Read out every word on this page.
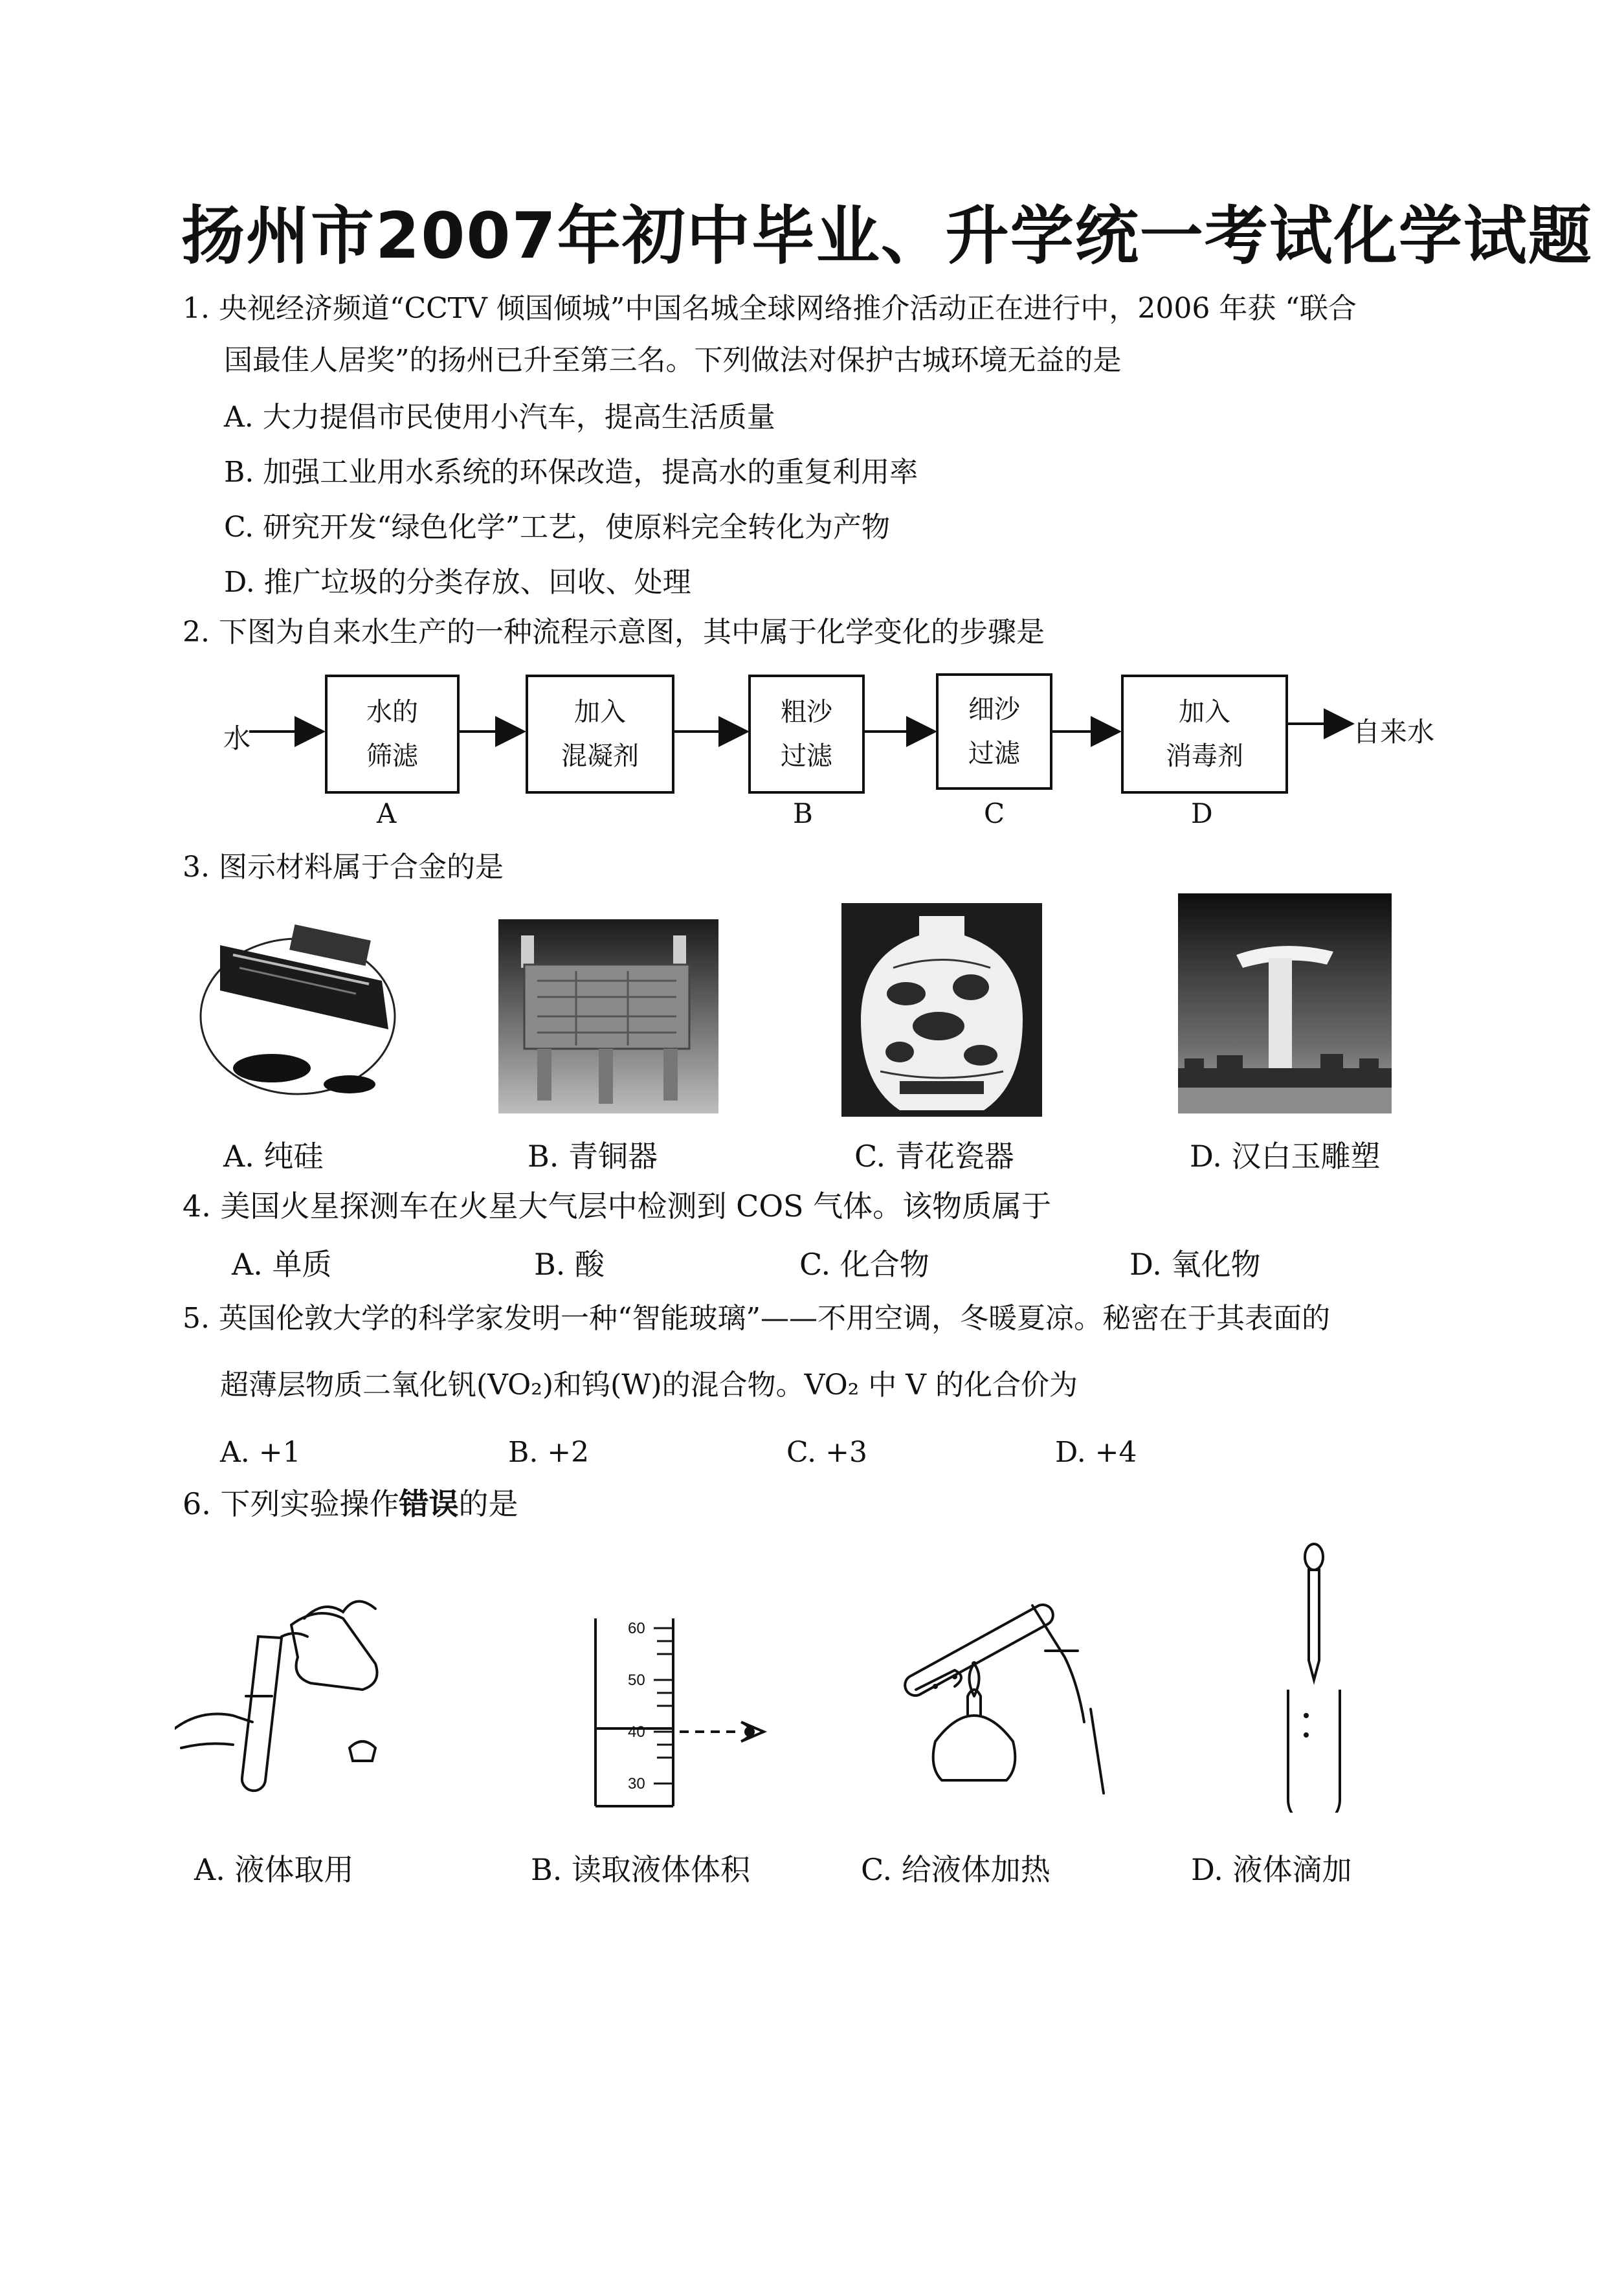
扬州市2007年初中毕业、升学统一考试化学试题
1. 央视经济频道“CCTV 倾国倾城”中国名城全球网络推介活动正在进行中，2006 年获 “联合
国最佳人居奖”的扬州已升至第三名。下列做法对保护古城环境无益的是
A. 大力提倡市民使用小汽车，提高生活质量
B. 加强工业用水系统的环保改造，提高水的重复利用率
C. 研究开发“绿色化学”工艺，使原料完全转化为产物
D. 推广垃圾的分类存放、回收、处理
2. 下图为自来水生产的一种流程示意图，其中属于化学变化的步骤是
水
水的
筛滤
加入
混凝剂
粗沙
过滤
细沙
过滤
加入
消毒剂
自来水
A	B	C	D
3. 图示材料属于合金的是
A. 纯硅	B. 青铜器	C. 青花瓷器	D. 汉白玉雕塑
4. 美国火星探测车在火星大气层中检测到 COS 气体。该物质属于
A. 单质	B. 酸	C. 化合物	D. 氧化物
5. 英国伦敦大学的科学家发明一种“智能玻璃”——不用空调，冬暖夏凉。秘密在于其表面的
超薄层物质二氧化钒(VO₂)和钨(W)的混合物。VO₂ 中 V 的化合价为
A. +1	B. +2	C. +3	D. +4
6. 下列实验操作错误的是
60
50
40
30
A. 液体取用	B. 读取液体体积	C. 给液体加热	D. 液体滴加
